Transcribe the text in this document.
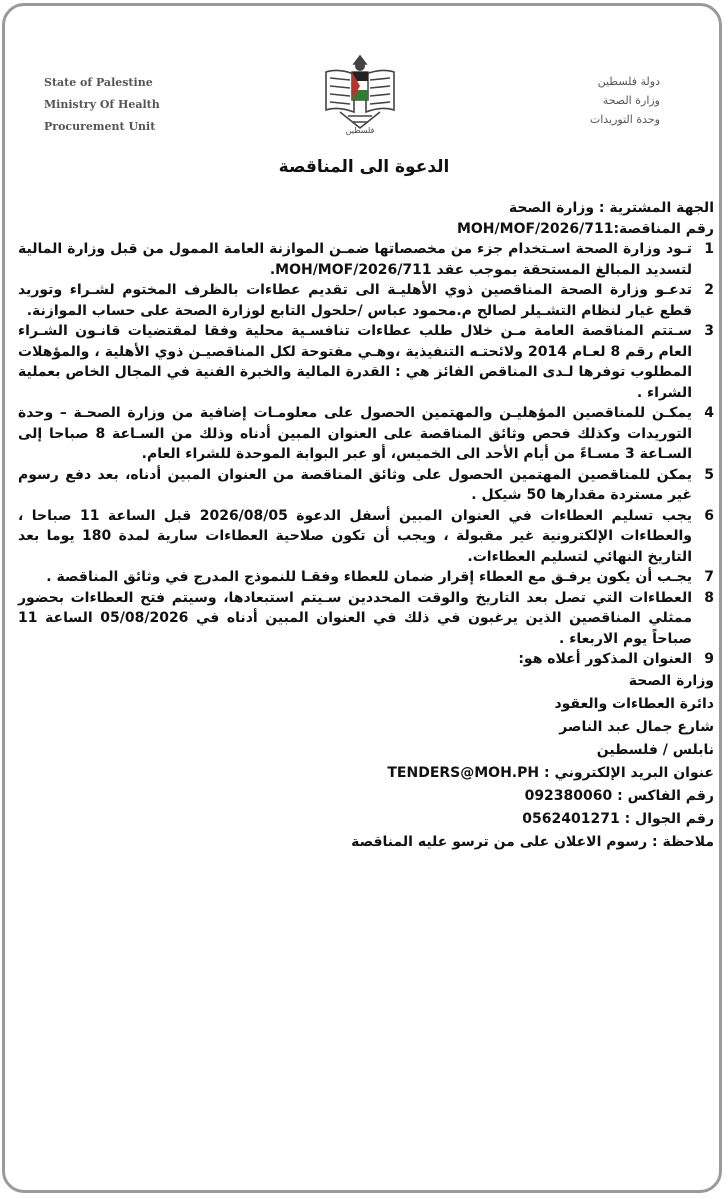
State of Palestine
Ministry Of Health
Procurement Unit	فلسطين
دولة فلسطين
وزارة الصحة
وحدة التوريدات
الدعوة الى المناقصة

الجهة المشترية : وزارة الصحة

رقم المناقصة:MOH/MOF/2026/711

1
تـود وزارة الصحة اسـتخدام جزء من مخصصاتها ضمـن الموازنة العامة الممول من قبل وزارة المالية لتسديد المبالغ المستحقة بموجب عقد MOH/MOF/2026/711.
2
تدعـو وزارة الصحة المناقصين ذوي الأهليـة الى تقديم عطاءات بالظرف المختوم لشـراء وتوريد قطع غيار لنظام التشـيلر لصالح م.محمود عباس /حلحول التابع لوزارة الصحة على حساب الموازنة.
3
سـتتم المناقصة العامة مـن خلال طلب عطاءات تنافسـية محلية وفقا لمقتضيات قانـون الشـراء العام رقم 8 لعـام 2014 ولائحتـه التنفيذية ،وهـي مفتوحة لكل المناقصيـن ذوي الأهلية ، والمؤهلات المطلوب توفرها لـدى المناقص الفائز هي : القدرة المالية والخبرة الفنية في المجال الخاص بعملية الشراء .
4
يمكـن للمناقصين المؤهليـن والمهتمين الحصول على معلومـات إضافية من وزارة الصحـة – وحدة التوريدات وكذلك فحص وثائق المناقصة على العنوان المبين أدناه وذلك من السـاعة 8 صباحا إلى السـاعة 3 مسـاءً من أيام الأحد الى الخميس، أو عبر البوابة الموحدة للشراء العام.
5
يمكن للمناقصين المهتمين الحصول على وثائق المناقصة من العنوان المبين أدناه، بعد دفع رسوم غير مستردة مقدارها 50 شيكل .
6
يجب تسليم العطاءات في العنوان المبين أسفل الدعوة 2026/08/05 قبل الساعة 11 صباحا ، والعطاءات الإلكترونية غير مقبولة ، ويجب أن تكون صلاحية العطاءات سارية لمدة 180 يوما بعد التاريخ النهائي لتسليم العطاءات.
7
يجـب أن يكون يرفـق مع العطاء إقرار ضمان للعطاء وفقـا للنموذج المدرج في وثائق المناقصة .
8
العطاءات التي تصل بعد التاريخ والوقت المحددين سـيتم استبعادها، وسيتم فتح العطاءات بحضور ممثلي المناقصين الذين يرغبون في ذلك في العنوان المبين أدناه في 05/08/2026 الساعة 11 صباحاً يوم الاربعاء .
9
العنوان المذكور أعلاه هو:

وزارة الصحة

دائرة العطاءات والعقود

شارع جمال عبد الناصر

نابلس / فلسطين

عنوان البريد الإلكتروني : TENDERS@MOH.PH

رقم الفاكس : 092380060

رقم الجوال : 0562401271

ملاحظة : رسوم الاعلان على من ترسو عليه المناقصة
